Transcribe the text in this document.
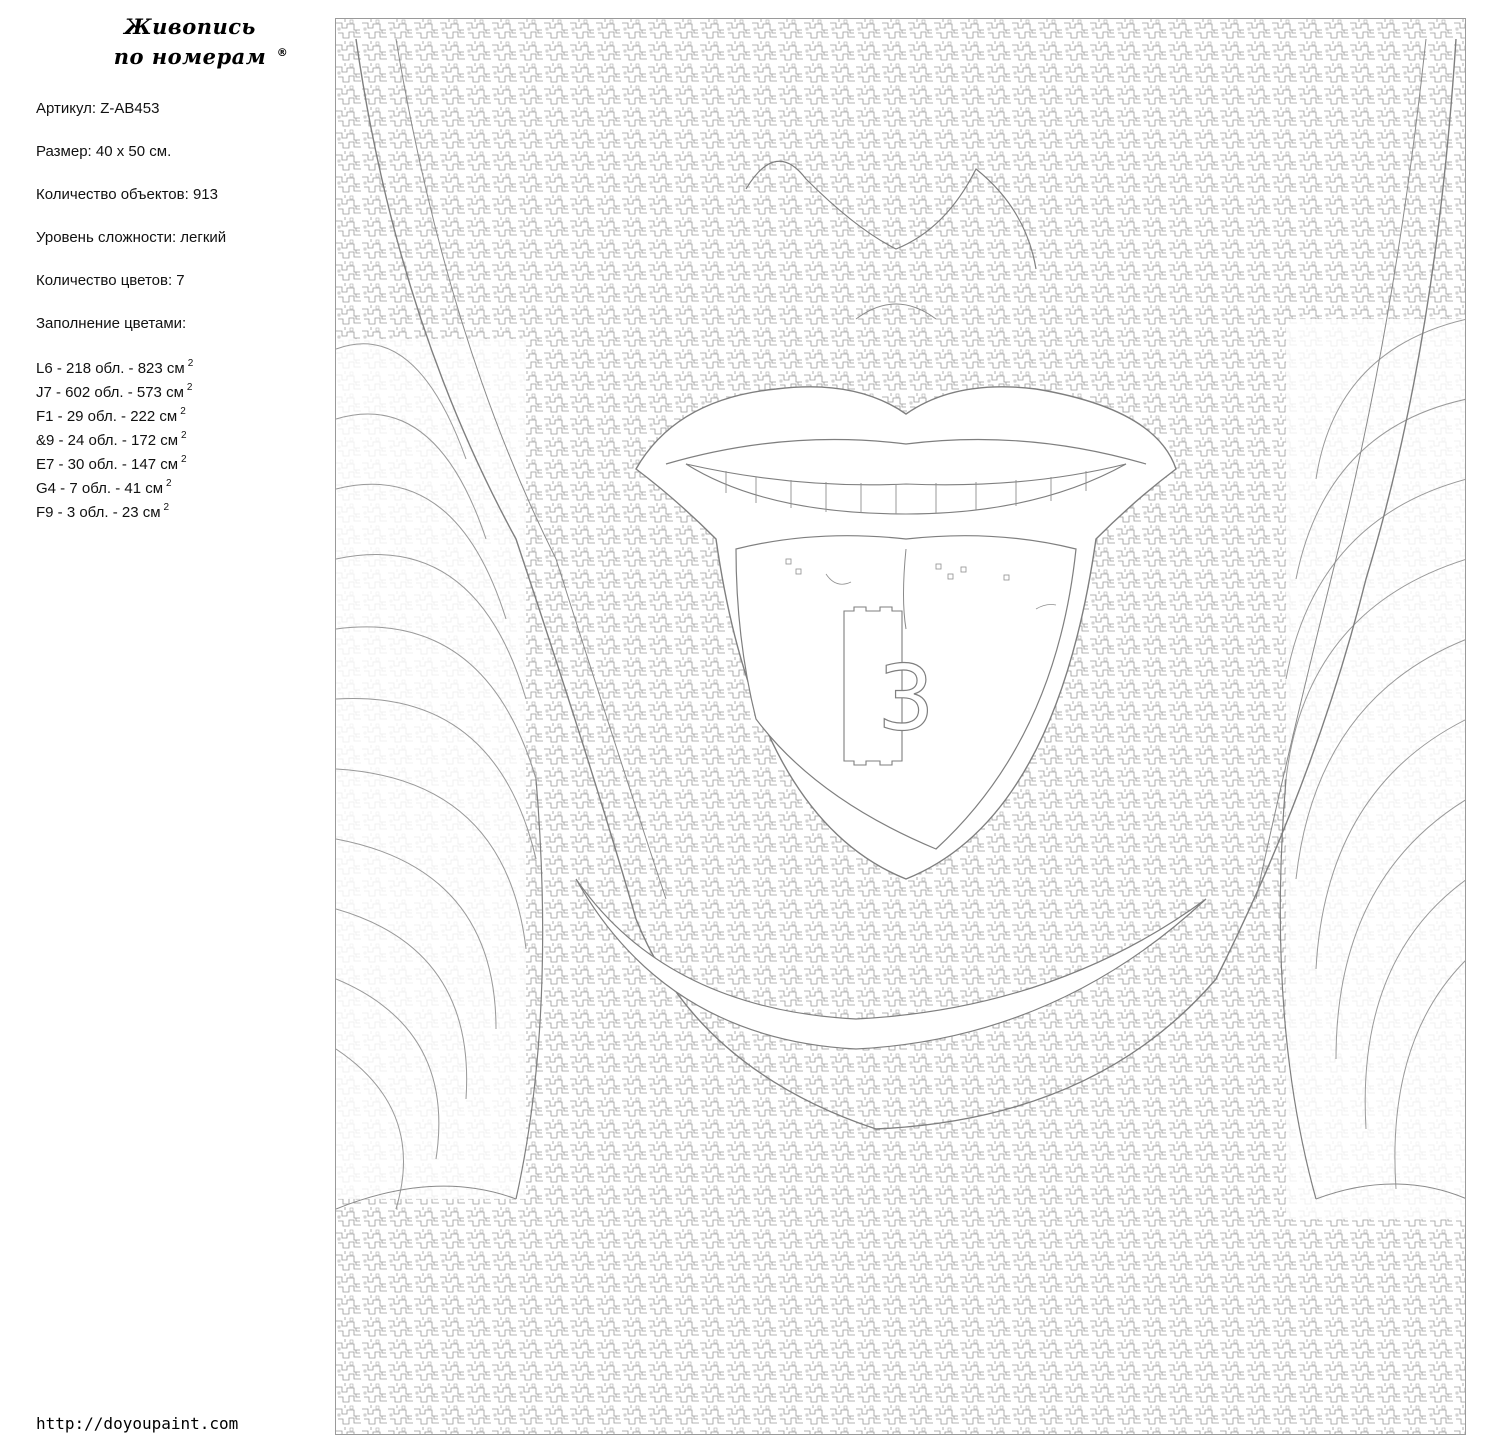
Живопись
по номерам ®
Артикул: Z-AB453
Размер: 40 x 50 см.
Количество объектов: 913
Уровень сложности: легкий
Количество цветов: 7
Заполнение цветами:
L6 - 218 обл. - 823 см $^2$
J7 - 602 обл. - 573 см $^2$
F1 - 29 обл. - 222 см $^2$
&9 - 24 обл. - 172 см $^2$
E7 - 30 обл. - 147 см $^2$
G4 - 7 обл. - 41 см $^2$
F9 - 3 обл. - 23 см $^2$
http://doyoupaint.com
3
